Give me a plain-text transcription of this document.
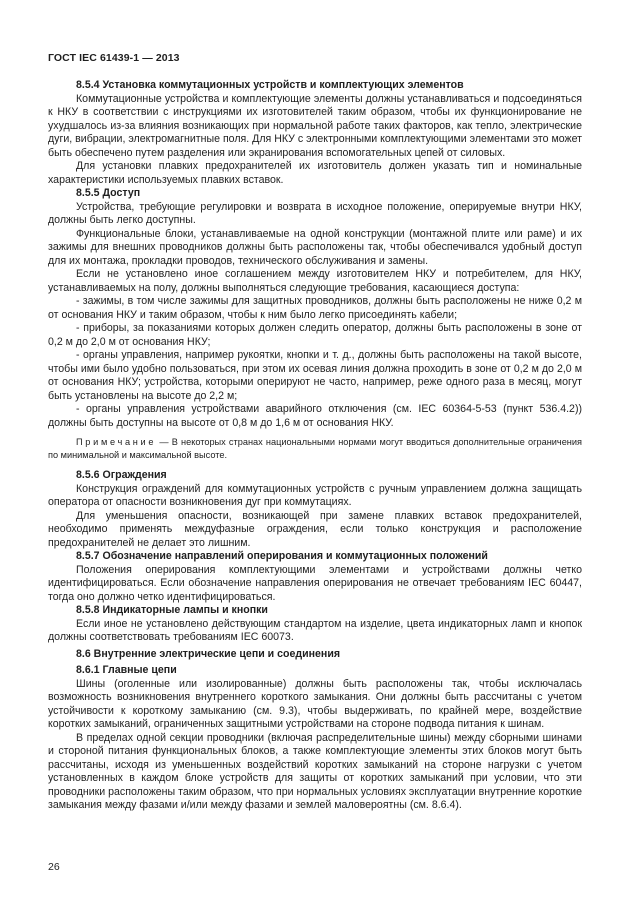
ГОСТ IEC 61439-1 — 2013
8.5.4 Установка коммутационных устройств и комплектующих элементов

Коммутационные устройства и комплектующие элементы должны устанавливаться и подсоединяться к НКУ в соответствии с инструкциями их изготовителей таким образом, чтобы их функционирование не ухудшалось из-за влияния возникающих при нормальной работе таких факторов, как тепло, электрические дуги, вибрации, электромагнитные поля. Для НКУ с электронными комплектующими элементами это может быть обеспечено путем разделения или экранирования вспомогательных цепей от силовых.

Для установки плавких предохранителей их изготовитель должен указать тип и номинальные характеристики используемых плавких вставок.

8.5.5 Доступ

Устройства, требующие регулировки и возврата в исходное положение, оперируемые внутри НКУ, должны быть легко доступны.

Функциональные блоки, устанавливаемые на одной конструкции (монтажной плите или раме) и их зажимы для внешних проводников должны быть расположены так, чтобы обеспечивался удобный доступ для их монтажа, прокладки проводов, технического обслуживания и замены.

Если не установлено иное соглашением между изготовителем НКУ и потребителем, для НКУ, устанавливаемых на полу, должны выполняться следующие требования, касающиеся доступа:

- зажимы, в том числе зажимы для защитных проводников, должны быть расположены не ниже 0,2 м от основания НКУ и таким образом, чтобы к ним было легко присоединять кабели;

- приборы, за показаниями которых должен следить оператор, должны быть расположены в зоне от 0,2 м до 2,0 м от основания НКУ;

- органы управления, например рукоятки, кнопки и т. д., должны быть расположены на такой высоте, чтобы ими было удобно пользоваться, при этом их осевая линия должна проходить в зоне от 0,2 м до 2,0 м от основания НКУ; устройства, которыми оперируют не часто, например, реже одного раза в месяц, могут быть установлены на высоте до 2,2 м;

- органы управления устройствами аварийного отключения (см. IEC 60364-5-53 (пункт 536.4.2)) должны быть доступны на высоте от 0,8 м до 1,6 м от основания НКУ.

Примечание — В некоторых странах национальными нормами могут вводиться дополнительные ограничения по минимальной и максимальной высоте.
8.5.6 Ограждения

Конструкция ограждений для коммутационных устройств с ручным управлением должна защищать оператора от опасности возникновения дуг при коммутациях.

Для уменьшения опасности, возникающей при замене плавких вставок предохранителей, необходимо применять междуфазные ограждения, если только конструкция и расположение предохранителей не делает это лишним.

8.5.7 Обозначение направлений оперирования и коммутационных положений

Положения оперирования комплектующими элементами и устройствами должны четко идентифицироваться. Если обозначение направления оперирования не отвечает требованиям IEC 60447, тогда оно должно четко идентифицироваться.

8.5.8 Индикаторные лампы и кнопки

Если иное не установлено действующим стандартом на изделие, цвета индикаторных ламп и кнопок должны соответствовать требованиям IEC 60073.

8.6 Внутренние электрические цепи и соединения
8.6.1 Главные цепи

Шины (оголенные или изолированные) должны быть расположены так, чтобы исключалась возможность возникновения внутреннего короткого замыкания. Они должны быть рассчитаны с учетом устойчивости к короткому замыканию (см. 9.3), чтобы выдерживать, по крайней мере, воздействие коротких замыканий, ограниченных защитными устройствами на стороне подвода питания к шинам.

В пределах одной секции проводники (включая распределительные шины) между сборными шинами и стороной питания функциональных блоков, а также комплектующие элементы этих блоков могут быть рассчитаны, исходя из уменьшенных воздействий коротких замыканий на стороне нагрузки с учетом установленных в каждом блоке устройств для защиты от коротких замыканий при условии, что эти проводники расположены таким образом, что при нормальных условиях эксплуатации внутренние короткие замыкания между фазами и/или между фазами и землей маловероятны (см. 8.6.4).

26
